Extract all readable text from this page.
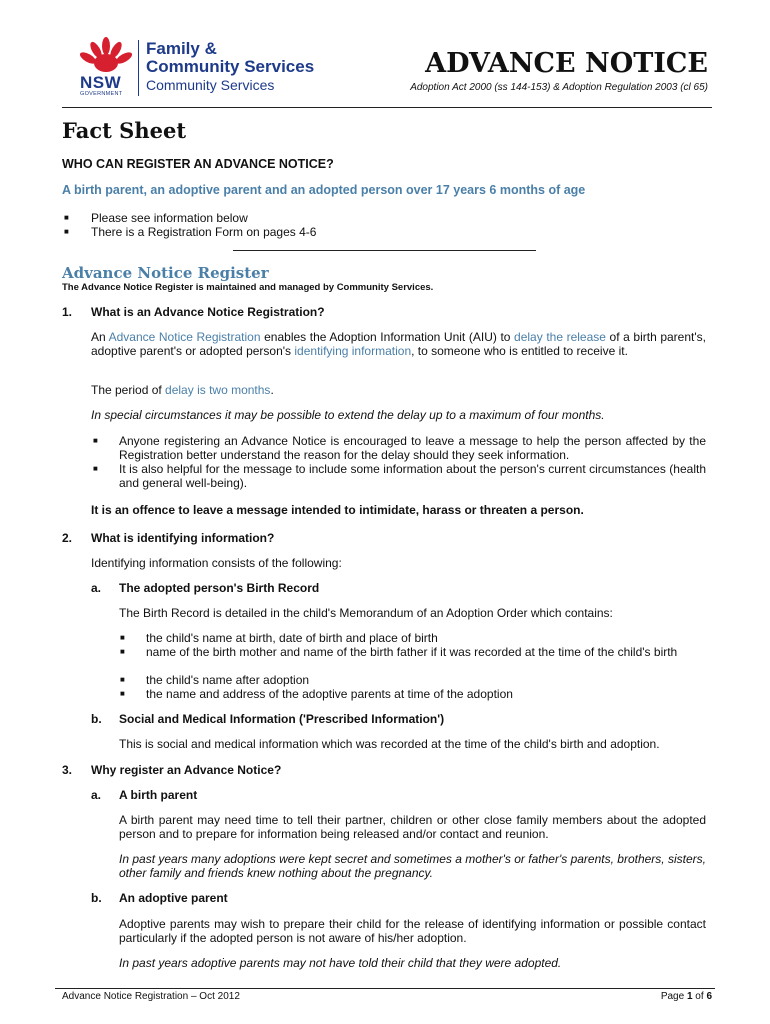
NSW
GOVERNMENT
Family &
Community Services
Community Services
ADVANCE NOTICE
Adoption Act 2000 (ss 144-153) & Adoption Regulation 2003 (cl 65)
Fact Sheet
WHO CAN REGISTER AN ADVANCE NOTICE?
A birth parent, an adoptive parent and an adopted person over 17 years 6 months of age
■ Please see information below
■ There is a Registration Form on pages 4-6
Advance Notice Register
The Advance Notice Register is maintained and managed by Community Services.
1. What is an Advance Notice Registration?
An Advance Notice Registration enables the Adoption Information Unit (AIU) to delay the release of a birth parent's, adoptive parent's or adopted person's identifying information, to someone who is entitled to receive it.
The period of delay is two months.
In special circumstances it may be possible to extend the delay up to a maximum of four months.
■ Anyone registering an Advance Notice is encouraged to leave a message to help the person affected by the Registration better understand the reason for the delay should they seek information.
■ It is also helpful for the message to include some information about the person's current circumstances (health and general well-being).
It is an offence to leave a message intended to intimidate, harass or threaten a person.
2. What is identifying information?
Identifying information consists of the following:
a. The adopted person's Birth Record
The Birth Record is detailed in the child's Memorandum of an Adoption Order which contains:
■ the child's name at birth, date of birth and place of birth
■ name of the birth mother and name of the birth father if it was recorded at the time of the child's birth
■ the child's name after adoption
■ the name and address of the adoptive parents at time of the adoption
b. Social and Medical Information ('Prescribed Information')
This is social and medical information which was recorded at the time of the child's birth and adoption.
3. Why register an Advance Notice?
a. A birth parent
A birth parent may need time to tell their partner, children or other close family members about the adopted person and to prepare for information being released and/or contact and reunion.
In past years many adoptions were kept secret and sometimes a mother's or father's parents, brothers, sisters, other family and friends knew nothing about the pregnancy.
b. An adoptive parent
Adoptive parents may wish to prepare their child for the release of identifying information or possible contact particularly if the adopted person is not aware of his/her adoption.
In past years adoptive parents may not have told their child that they were adopted.
Advance Notice Registration – Oct 2012	Page 1 of 6
